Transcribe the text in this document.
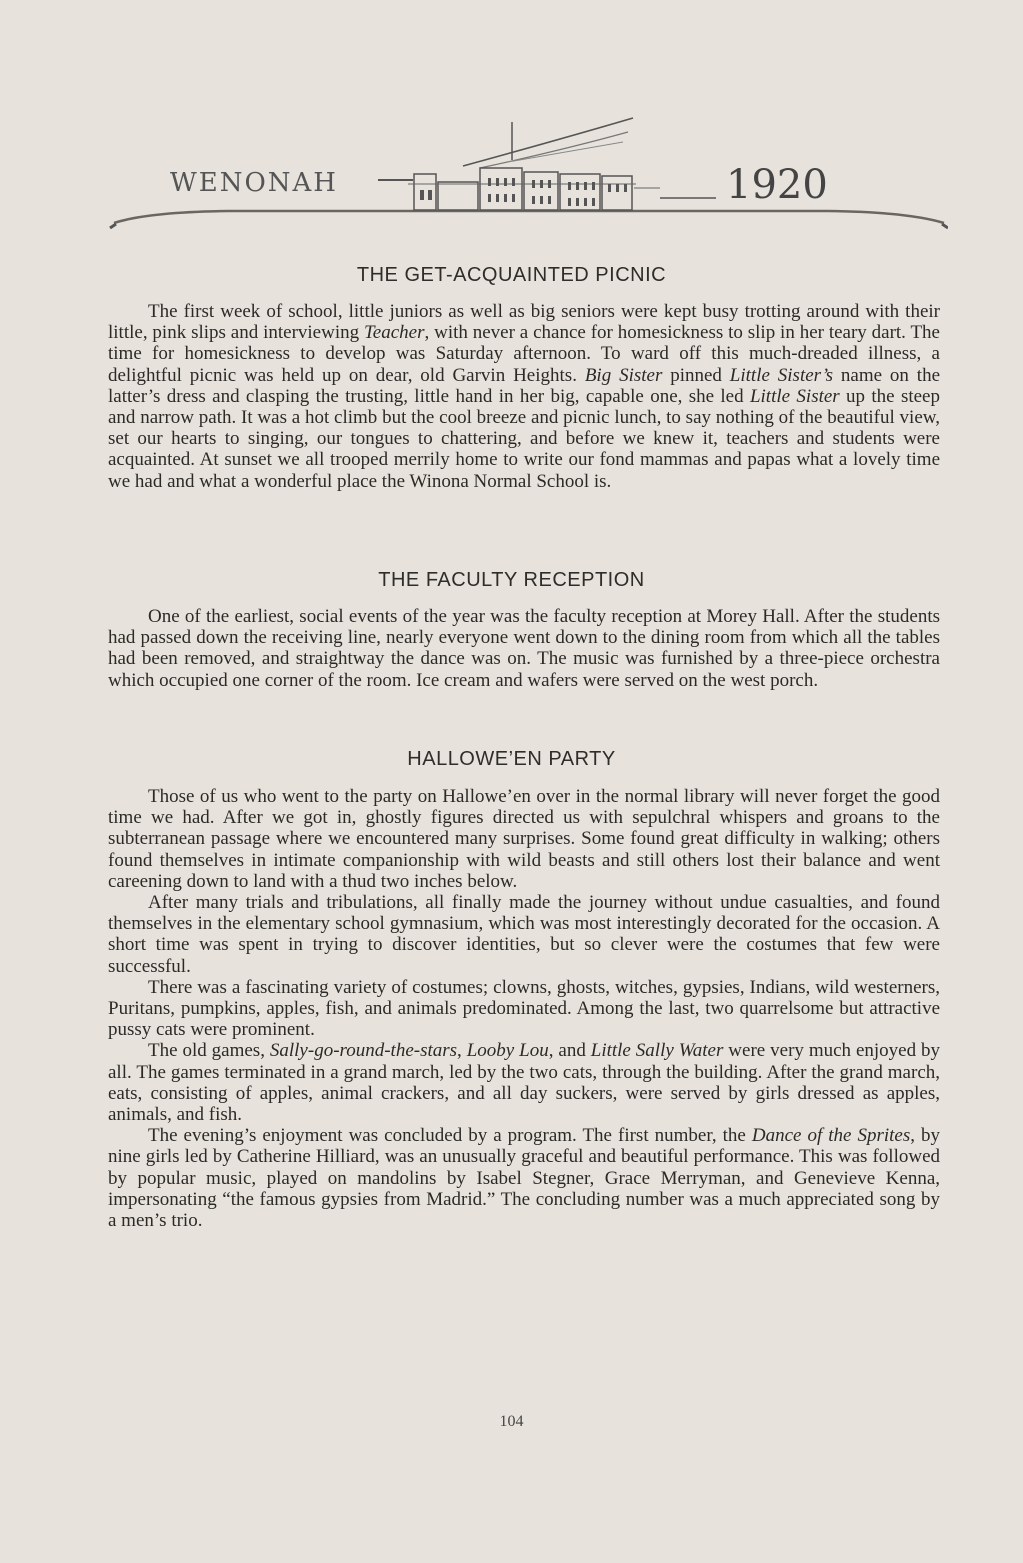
WENONAH	1920
THE GET-ACQUAINTED PICNIC

The first week of school, little juniors as well as big seniors were kept busy trotting around with their little, pink slips and interviewing Teacher, with never a chance for homesickness to slip in her teary dart. The time for homesickness to develop was Saturday afternoon. To ward off this much-dreaded illness, a delightful picnic was held up on dear, old Garvin Heights. Big Sister pinned Little Sister’s name on the latter’s dress and clasping the trusting, little hand in her big, capable one, she led Little Sister up the steep and narrow path. It was a hot climb but the cool breeze and picnic lunch, to say nothing of the beautiful view, set our hearts to singing, our tongues to chattering, and before we knew it, teachers and students were acquainted. At sunset we all trooped merrily home to write our fond mammas and papas what a lovely time we had and what a wonderful place the Winona Normal School is.

THE FACULTY RECEPTION

One of the earliest, social events of the year was the faculty reception at Morey Hall. After the students had passed down the receiving line, nearly everyone went down to the dining room from which all the tables had been removed, and straightway the dance was on. The music was furnished by a three-piece orchestra which occupied one corner of the room. Ice cream and wafers were served on the west porch.

HALLOWE’EN PARTY

Those of us who went to the party on Hallowe’en over in the normal library will never forget the good time we had. After we got in, ghostly figures directed us with sepulchral whispers and groans to the subterranean passage where we encountered many surprises. Some found great difficulty in walking; others found themselves in intimate companionship with wild beasts and still others lost their balance and went careening down to land with a thud two inches below.

After many trials and tribulations, all finally made the journey without undue casualties, and found themselves in the elementary school gymnasium, which was most interestingly decorated for the occasion. A short time was spent in trying to discover identities, but so clever were the costumes that few were successful.

There was a fascinating variety of costumes; clowns, ghosts, witches, gypsies, Indians, wild westerners, Puritans, pumpkins, apples, fish, and animals predominated. Among the last, two quarrelsome but attractive pussy cats were prominent.

The old games, Sally-go-round-the-stars, Looby Lou, and Little Sally Water were very much enjoyed by all. The games terminated in a grand march, led by the two cats, through the building. After the grand march, eats, consisting of apples, animal crackers, and all day suckers, were served by girls dressed as apples, animals, and fish.

The evening’s enjoyment was concluded by a program. The first number, the Dance of the Sprites, by nine girls led by Catherine Hilliard, was an unusually graceful and beautiful performance. This was followed by popular music, played on mandolins by Isabel Stegner, Grace Merryman, and Genevieve Kenna, impersonating “the famous gypsies from Madrid.” The concluding number was a much appreciated song by a men’s trio.

104
